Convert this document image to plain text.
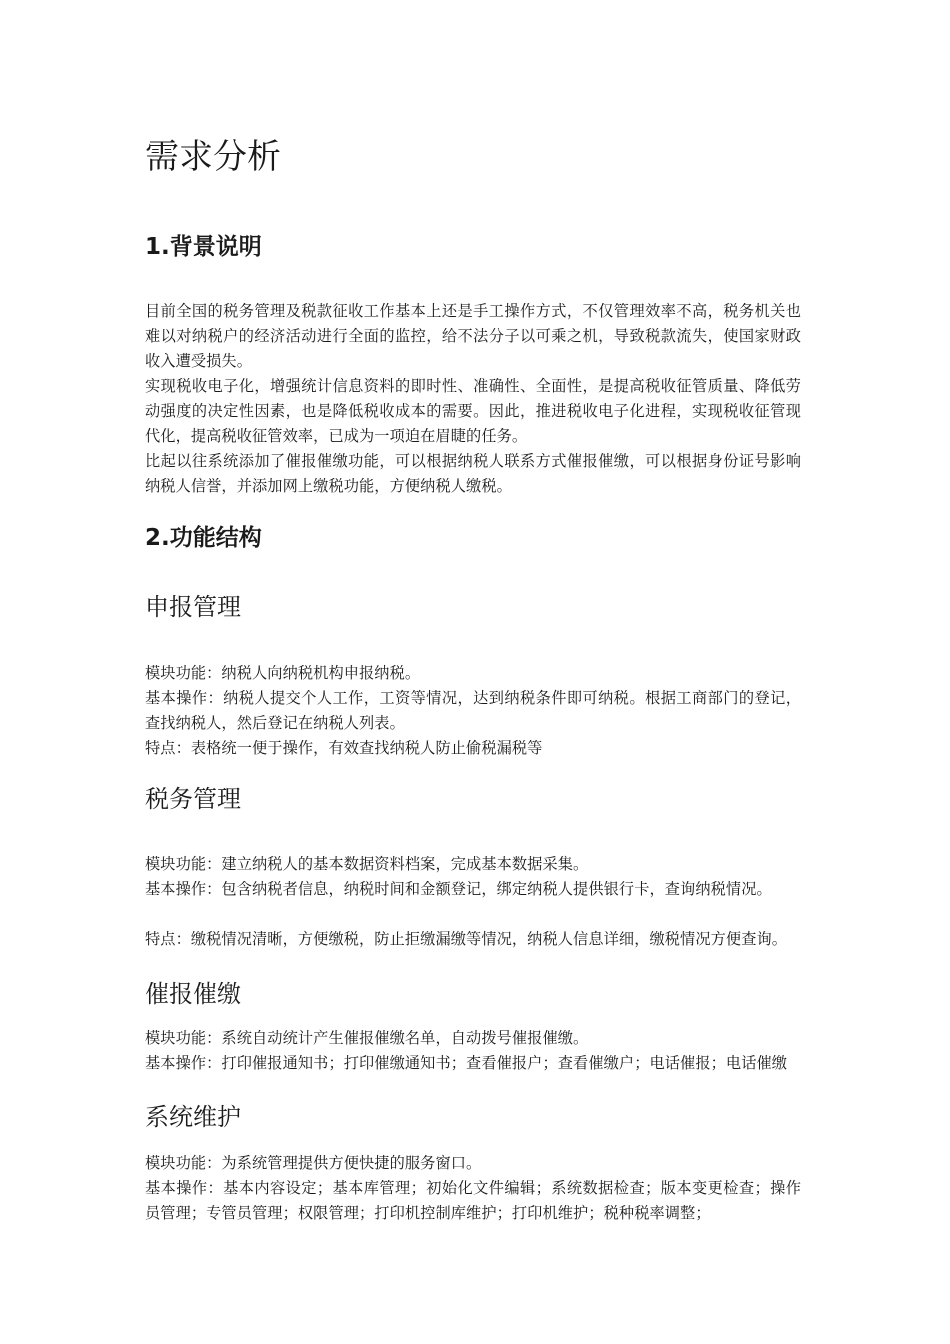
需求分析
1.背景说明

目前全国的税务管理及税款征收工作基本上还是手工操作方式，不仅管理效率不高，税务机关也难以对纳税户的经济活动进行全面的监控，给不法分子以可乘之机，导致税款流失，使国家财政收入遭受损失。

实现税收电子化，增强统计信息资料的即时性、准确性、全面性，是提高税收征管质量、降低劳动强度的决定性因素，也是降低税收成本的需要。因此，推进税收电子化进程，实现税收征管现代化，提高税收征管效率，已成为一项迫在眉睫的任务。

比起以往系统添加了催报催缴功能，可以根据纳税人联系方式催报催缴，可以根据身份证号影响纳税人信誉，并添加网上缴税功能，方便纳税人缴税。

2.功能结构
申报管理

模块功能：纳税人向纳税机构申报纳税。

基本操作：纳税人提交个人工作，工资等情况，达到纳税条件即可纳税。根据工商部门的登记，查找纳税人，然后登记在纳税人列表。

特点：表格统一便于操作，有效查找纳税人防止偷税漏税等

税务管理

模块功能：建立纳税人的基本数据资料档案，完成基本数据采集。

基本操作：包含纳税者信息，纳税时间和金额登记，绑定纳税人提供银行卡，查询纳税情况。

特点：缴税情况清晰，方便缴税，防止拒缴漏缴等情况，纳税人信息详细，缴税情况方便查询。

催报催缴

模块功能：系统自动统计产生催报催缴名单，自动拨号催报催缴。

基本操作：打印催报通知书；打印催缴通知书；查看催报户；查看催缴户；电话催报；电话催缴

系统维护

模块功能：为系统管理提供方便快捷的服务窗口。

基本操作：基本内容设定；基本库管理；初始化文件编辑；系统数据检查；版本变更检查；操作员管理；专管员管理；权限管理；打印机控制库维护；打印机维护；税种税率调整；
